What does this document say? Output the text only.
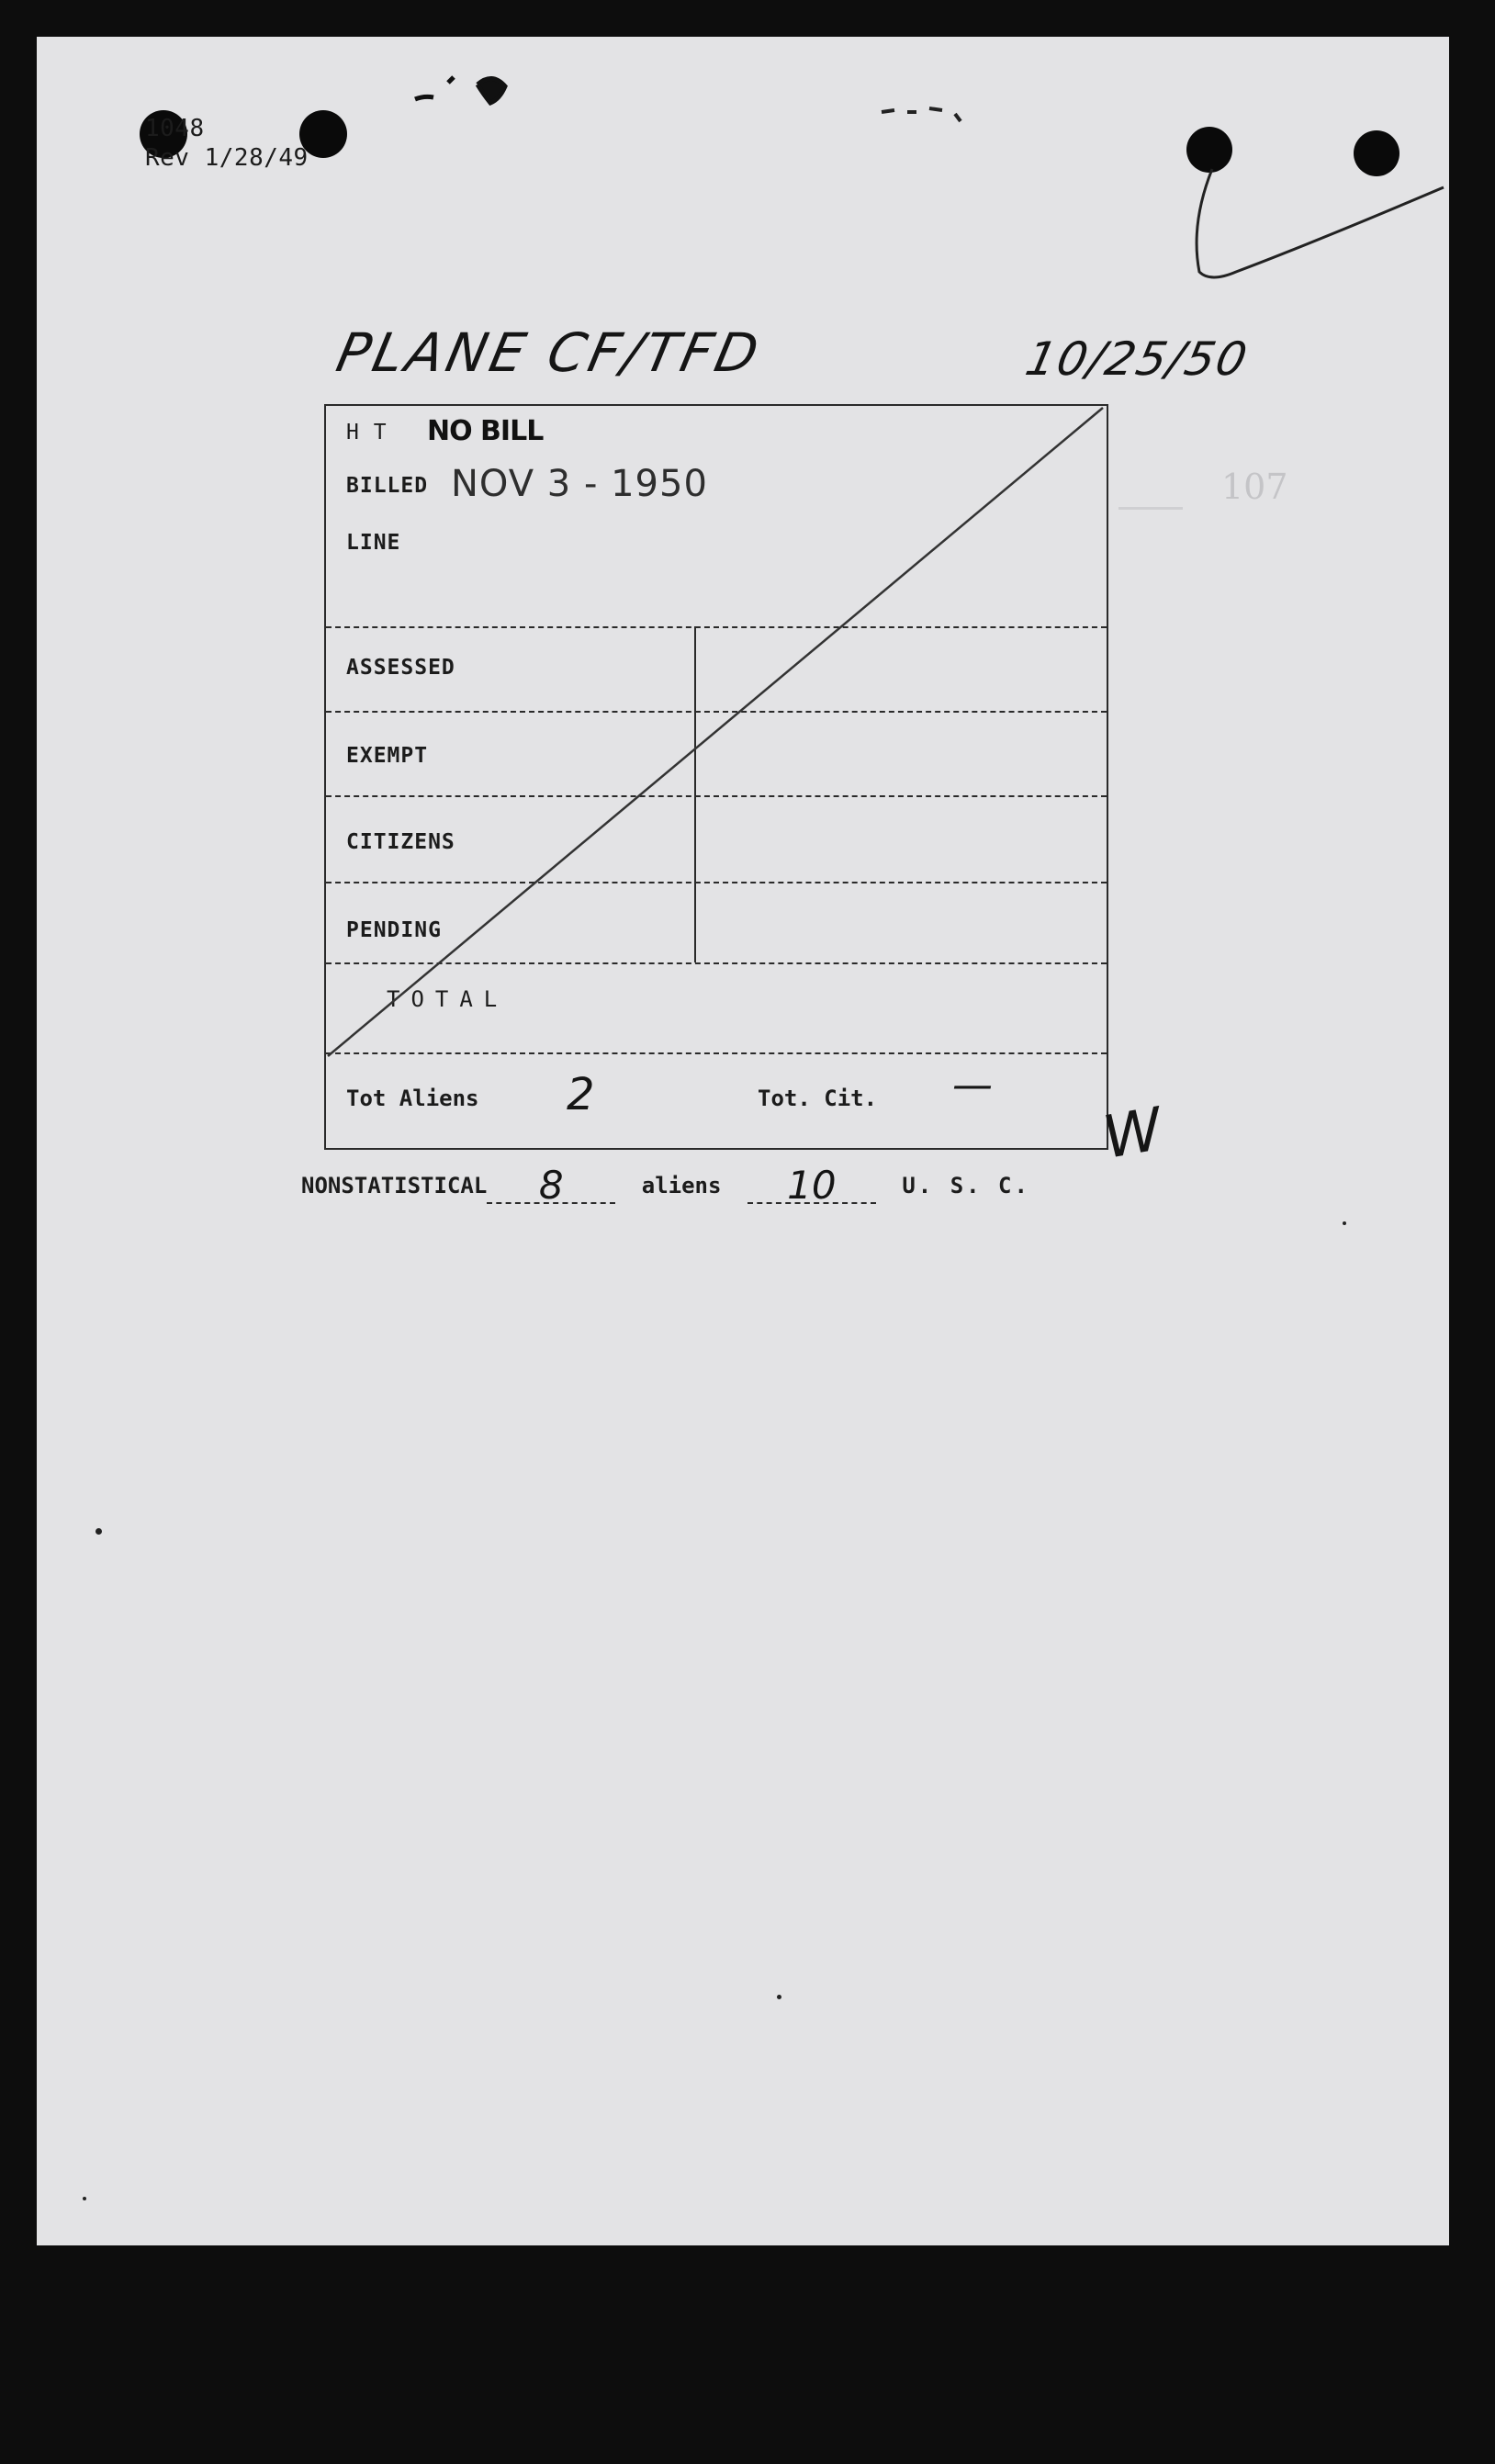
1048
Rev 1/28/49
PLANE CF/TFD	10/25/50
107
H T NO BILL
BILLED NOV 3 - 1950
LINE
ASSESSED
EXEMPT
CITIZENS
PENDING
TOTAL
Tot Aliens 2	Tot. Cit. —
W
NONSTATISTICAL 8	aliens 10	U. S. C.
